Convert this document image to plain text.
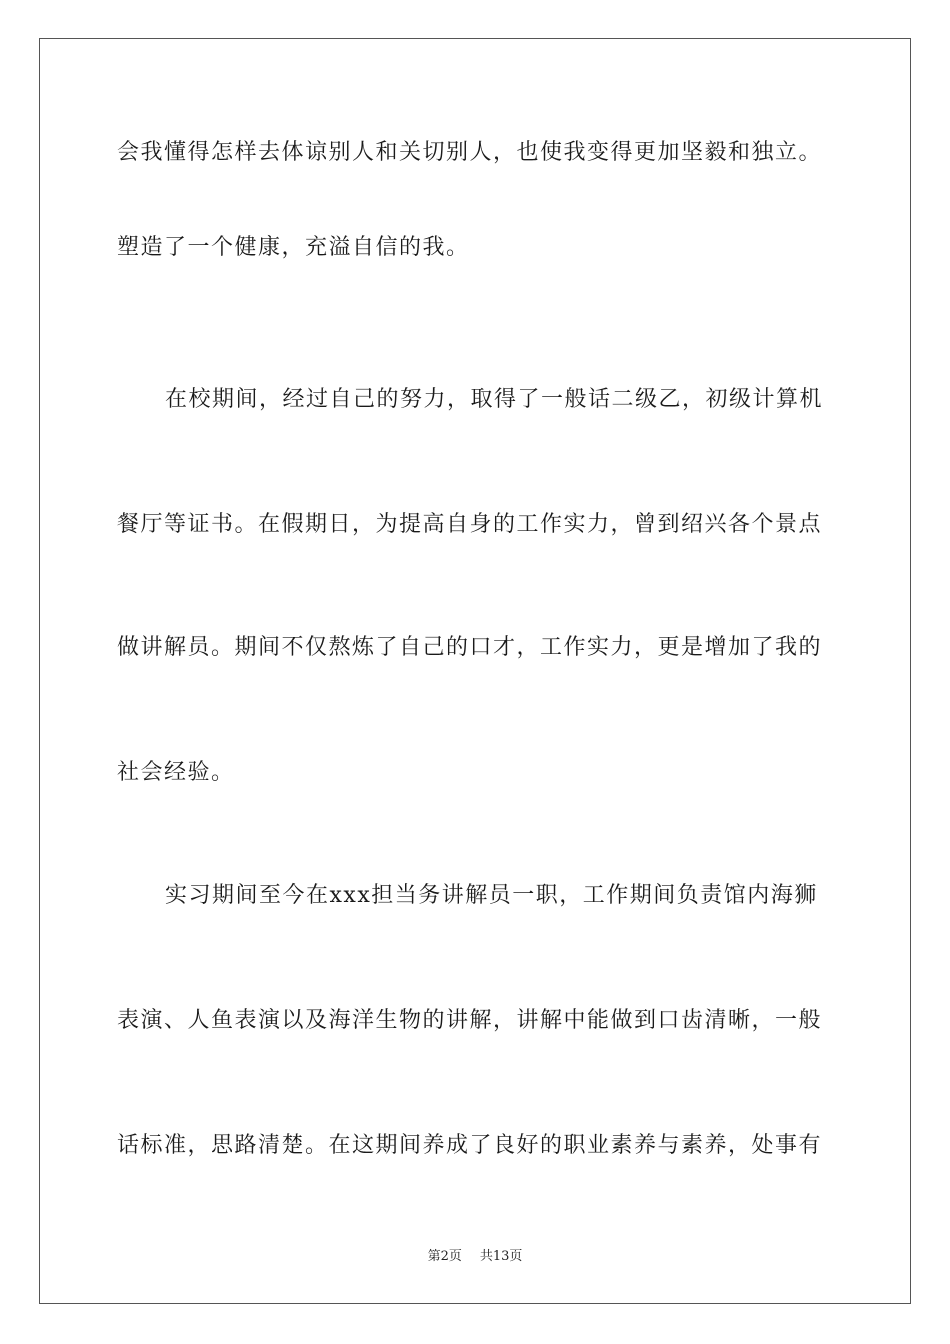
会我懂得怎样去体谅别人和关切别人，也使我变得更加坚毅和独立。
塑造了一个健康，充溢自信的我。
在校期间，经过自己的努力，取得了一般话二级乙，初级计算机
餐厅等证书。在假期日，为提高自身的工作实力，曾到绍兴各个景点
做讲解员。期间不仅熬炼了自己的口才，工作实力，更是增加了我的
社会经验。
实习期间至今在xxx担当务讲解员一职，工作期间负责馆内海狮
表演、人鱼表演以及海洋生物的讲解，讲解中能做到口齿清晰，一般
话标准，思路清楚。在这期间养成了良好的职业素养与素养，处事有
第2页 共13页
